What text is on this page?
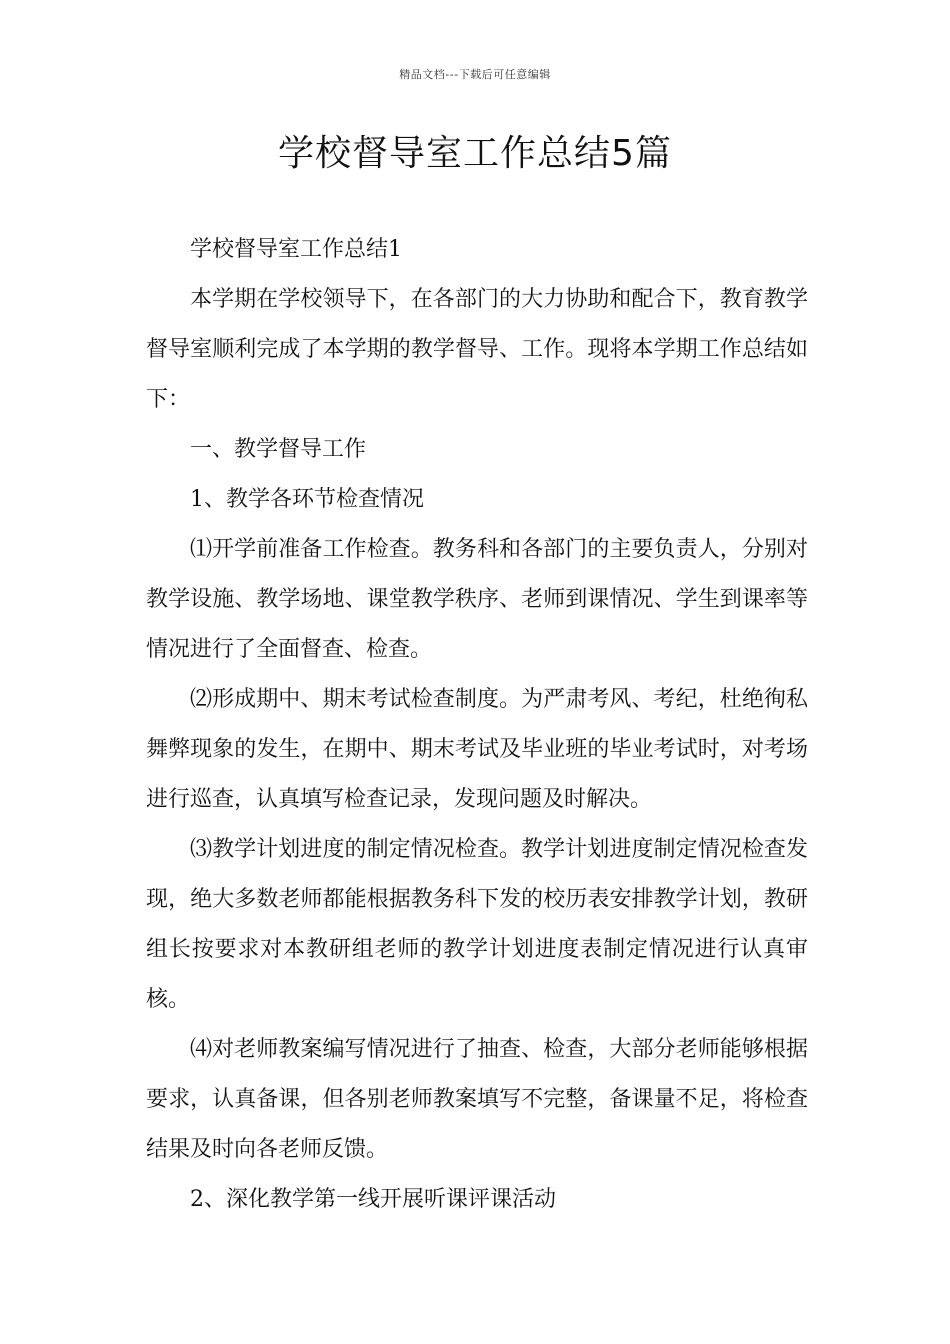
精品文档---下载后可任意编辑
学校督导室工作总结5篇

学校督导室工作总结1

本学期在学校领导下，在各部门的大力协助和配合下，教育教学督导室顺利完成了本学期的教学督导、工作。现将本学期工作总结如下：

一、教学督导工作

1、教学各环节检查情况

⑴开学前准备工作检查。教务科和各部门的主要负责人，分别对教学设施、教学场地、课堂教学秩序、老师到课情况、学生到课率等情况进行了全面督查、检查。

⑵形成期中、期末考试检查制度。为严肃考风、考纪，杜绝徇私舞弊现象的发生，在期中、期末考试及毕业班的毕业考试时，对考场进行巡查，认真填写检查记录，发现问题及时解决。

⑶教学计划进度的制定情况检查。教学计划进度制定情况检查发现，绝大多数老师都能根据教务科下发的校历表安排教学计划，教研组长按要求对本教研组老师的教学计划进度表制定情况进行认真审核。

⑷对老师教案编写情况进行了抽查、检查，大部分老师能够根据要求，认真备课，但各别老师教案填写不完整，备课量不足，将检查结果及时向各老师反馈。

2、深化教学第一线开展听课评课活动
